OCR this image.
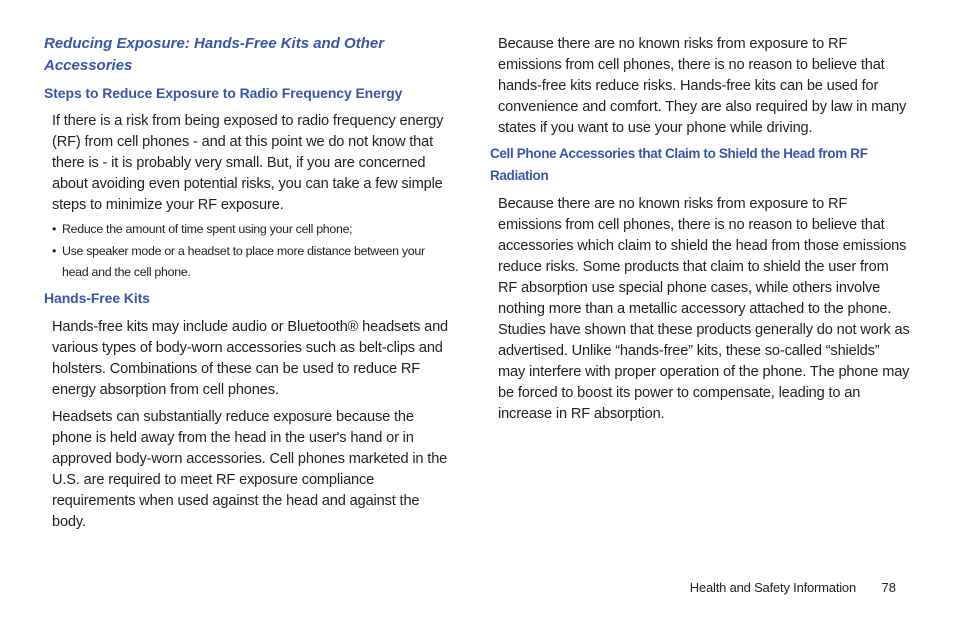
Reducing Exposure: Hands-Free Kits and Other Accessories
Steps to Reduce Exposure to Radio Frequency Energy

If there is a risk from being exposed to radio frequency energy (RF) from cell phones - and at this point we do not know that there is - it is probably very small. But, if you are concerned about avoiding even potential risks, you can take a few simple steps to minimize your RF exposure.

• Reduce the amount of time spent using your cell phone;
• Use speaker mode or a headset to place more distance between your head and the cell phone.
Hands-Free Kits

Hands-free kits may include audio or Bluetooth® headsets and various types of body-worn accessories such as belt-clips and holsters. Combinations of these can be used to reduce RF energy absorption from cell phones.

Headsets can substantially reduce exposure because the phone is held away from the head in the user's hand or in approved body-worn accessories. Cell phones marketed in the U.S. are required to meet RF exposure compliance requirements when used against the head and against the body.

Because there are no known risks from exposure to RF emissions from cell phones, there is no reason to believe that hands-free kits reduce risks. Hands-free kits can be used for convenience and comfort. They are also required by law in many states if you want to use your phone while driving.

Cell Phone Accessories that Claim to Shield the Head from RF Radiation

Because there are no known risks from exposure to RF emissions from cell phones, there is no reason to believe that accessories which claim to shield the head from those emissions reduce risks. Some products that claim to shield the user from RF absorption use special phone cases, while others involve nothing more than a metallic accessory attached to the phone. Studies have shown that these products generally do not work as advertised. Unlike “hands-free” kits, these so-called “shields” may interfere with proper operation of the phone. The phone may be forced to boost its power to compensate, leading to an increase in RF absorption.

Health and Safety Information 78
